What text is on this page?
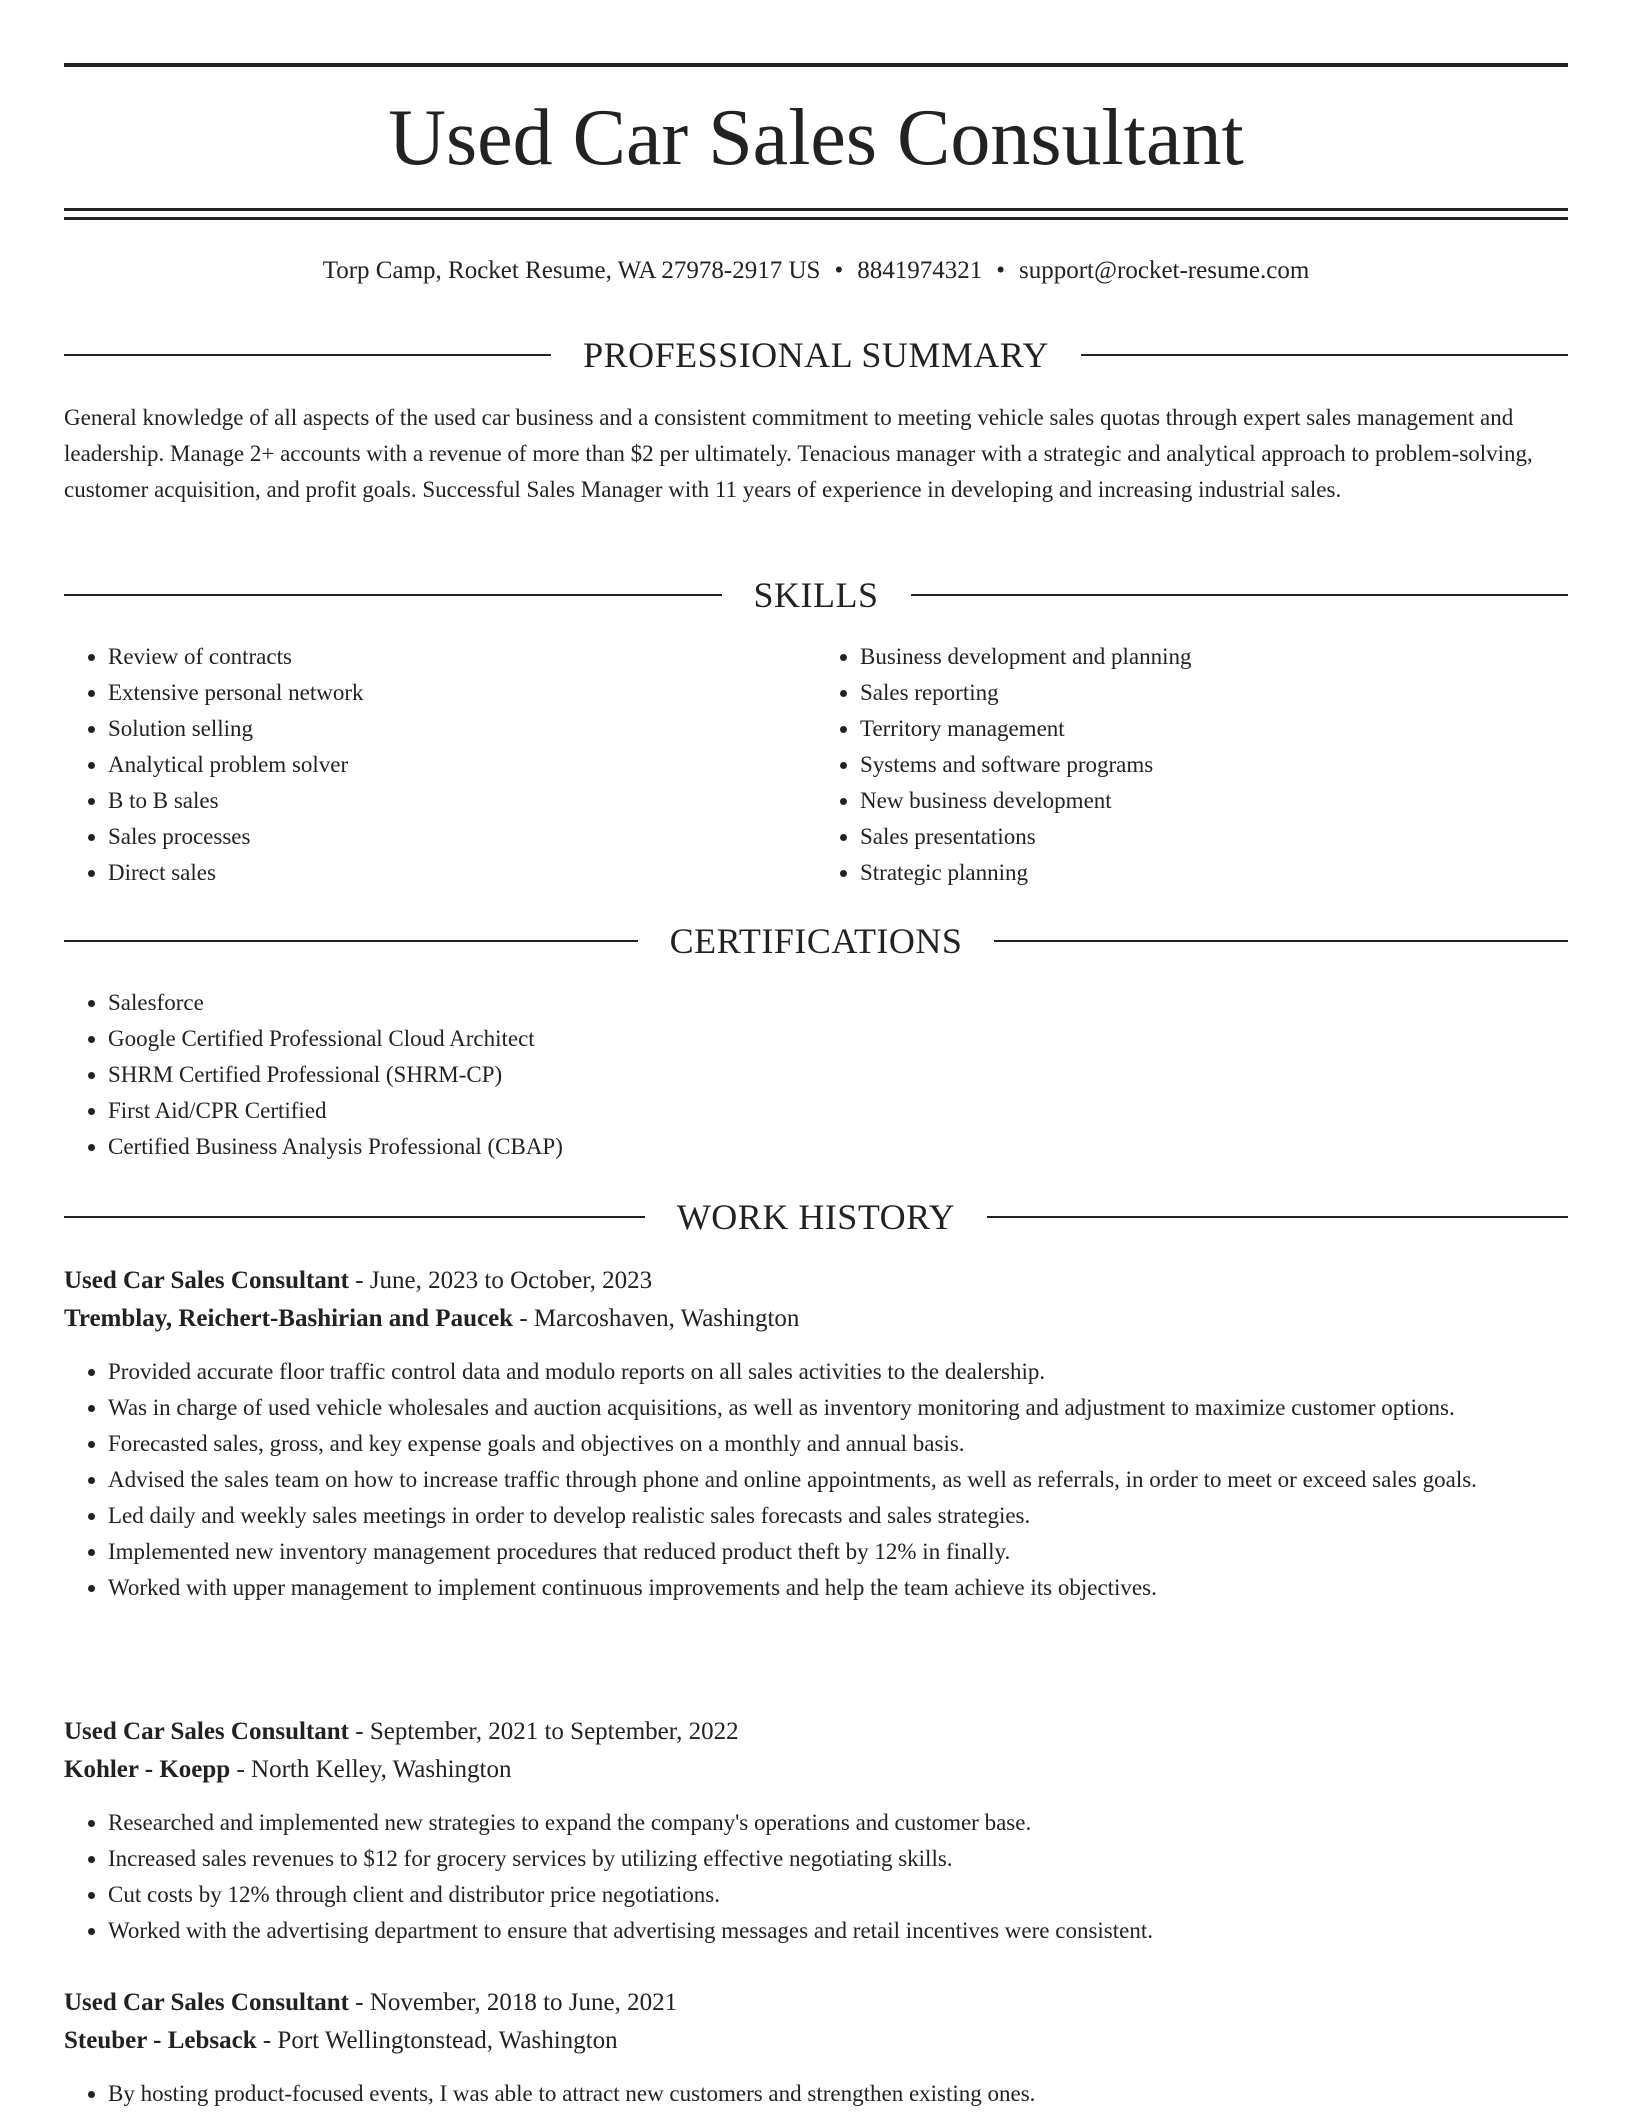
Used Car Sales Consultant
Torp Camp, Rocket Resume, WA 27978-2917 US • 8841974321 • support@rocket-resume.com
PROFESSIONAL SUMMARY

General knowledge of all aspects of the used car business and a consistent commitment to meeting vehicle sales quotas through expert sales management and leadership. Manage 2+ accounts with a revenue of more than $2 per ultimately. Tenacious manager with a strategic and analytical approach to problem-solving, customer acquisition, and profit goals. Successful Sales Manager with 11 years of experience in developing and increasing industrial sales.

SKILLS
• Review of contracts
• Extensive personal network
• Solution selling
• Analytical problem solver
• B to B sales
• Sales processes
• Direct sales
• Business development and planning
• Sales reporting
• Territory management
• Systems and software programs
• New business development
• Sales presentations
• Strategic planning
CERTIFICATIONS
• Salesforce
• Google Certified Professional Cloud Architect
• SHRM Certified Professional (SHRM-CP)
• First Aid/CPR Certified
• Certified Business Analysis Professional (CBAP)
WORK HISTORY
Used Car Sales Consultant - June, 2023 to October, 2023
Tremblay, Reichert-Bashirian and Paucek - Marcoshaven, Washington
• Provided accurate floor traffic control data and modulo reports on all sales activities to the dealership.
• Was in charge of used vehicle wholesales and auction acquisitions, as well as inventory monitoring and adjustment to maximize customer options.
• Forecasted sales, gross, and key expense goals and objectives on a monthly and annual basis.
• Advised the sales team on how to increase traffic through phone and online appointments, as well as referrals, in order to meet or exceed sales goals.
• Led daily and weekly sales meetings in order to develop realistic sales forecasts and sales strategies.
• Implemented new inventory management procedures that reduced product theft by 12% in finally.
• Worked with upper management to implement continuous improvements and help the team achieve its objectives.
Used Car Sales Consultant - September, 2021 to September, 2022
Kohler - Koepp - North Kelley, Washington
• Researched and implemented new strategies to expand the company's operations and customer base.
• Increased sales revenues to $12 for grocery services by utilizing effective negotiating skills.
• Cut costs by 12% through client and distributor price negotiations.
• Worked with the advertising department to ensure that advertising messages and retail incentives were consistent.
Used Car Sales Consultant - November, 2018 to June, 2021
Steuber - Lebsack - Port Wellingtonstead, Washington
• By hosting product-focused events, I was able to attract new customers and strengthen existing ones.
